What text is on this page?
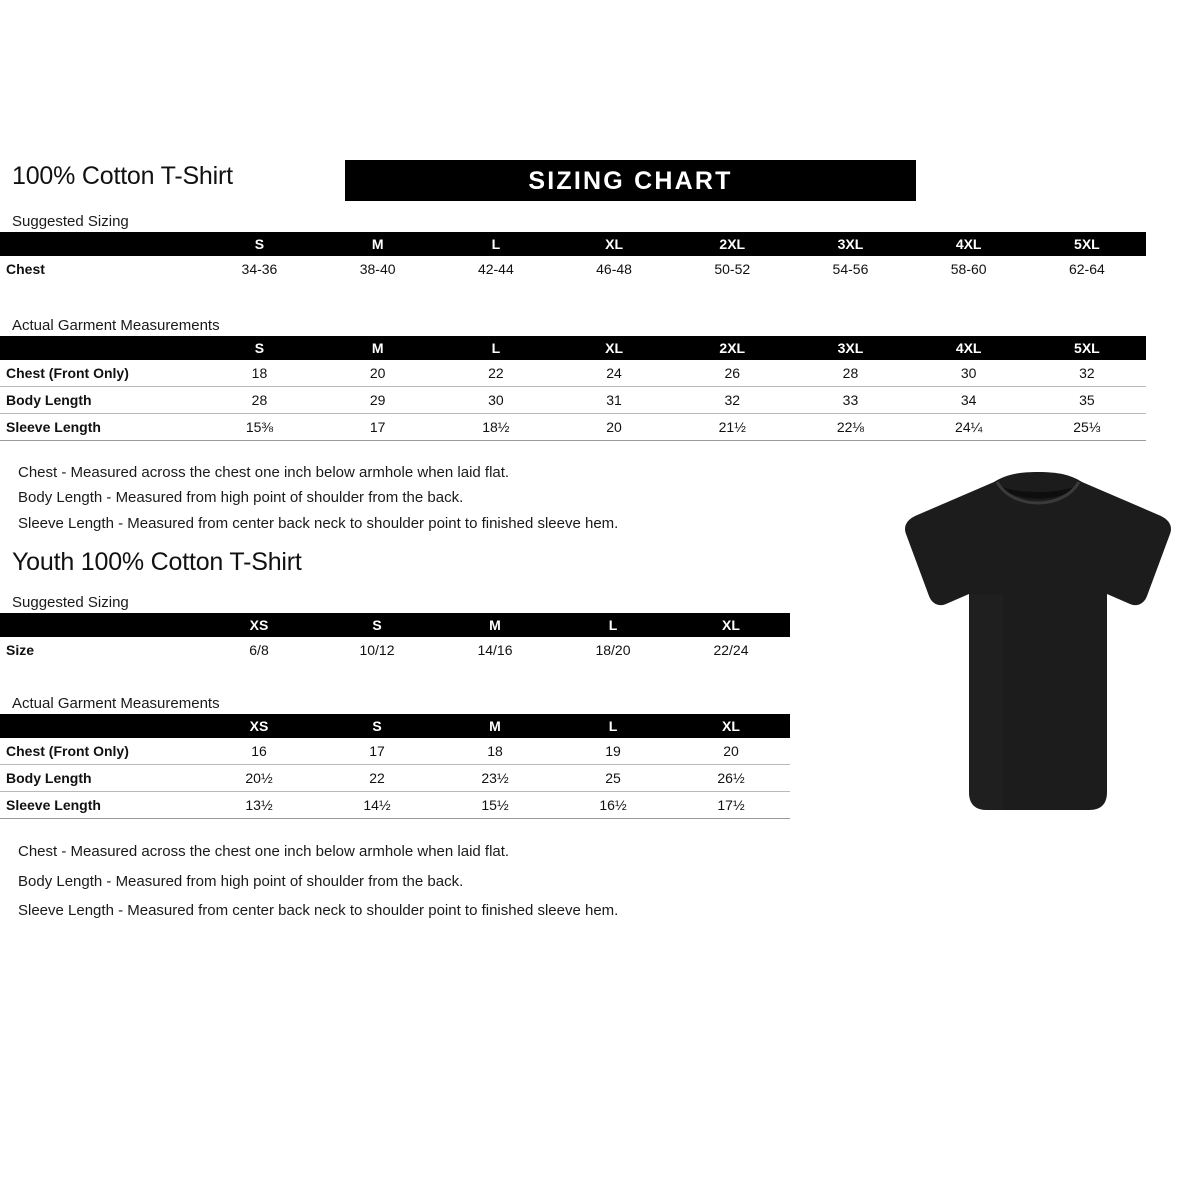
100% Cotton T-Shirt	SIZING CHART
Suggested Sizing
	S	M	L	XL	2XL	3XL	4XL	5XL
Chest	34-36	38-40	42-44	46-48	50-52	54-56	58-60	62-64
Actual Garment Measurements
	S	M	L	XL	2XL	3XL	4XL	5XL
Chest (Front Only)	18	20	22	24	26	28	30	32
Body Length	28	29	30	31	32	33	34	35
Sleeve Length	15⅜	17	18½	20	21½	22⅛	24¼	25⅓
Chest - Measured across the chest one inch below armhole when laid flat.
Body Length - Measured from high point of shoulder from the back.
Sleeve Length - Measured from center back neck to shoulder point to finished sleeve hem.
Youth 100% Cotton T-Shirt
Suggested Sizing
	XS	S	M	L	XL
Size	6/8	10/12	14/16	18/20	22/24
Actual Garment Measurements
	XS	S	M	L	XL
Chest (Front Only)	16	17	18	19	20
Body Length	20½	22	23½	25	26½
Sleeve Length	13½	14½	15½	16½	17½
Chest - Measured across the chest one inch below armhole when laid flat.
Body Length - Measured from high point of shoulder from the back.
Sleeve Length - Measured from center back neck to shoulder point to finished sleeve hem.
